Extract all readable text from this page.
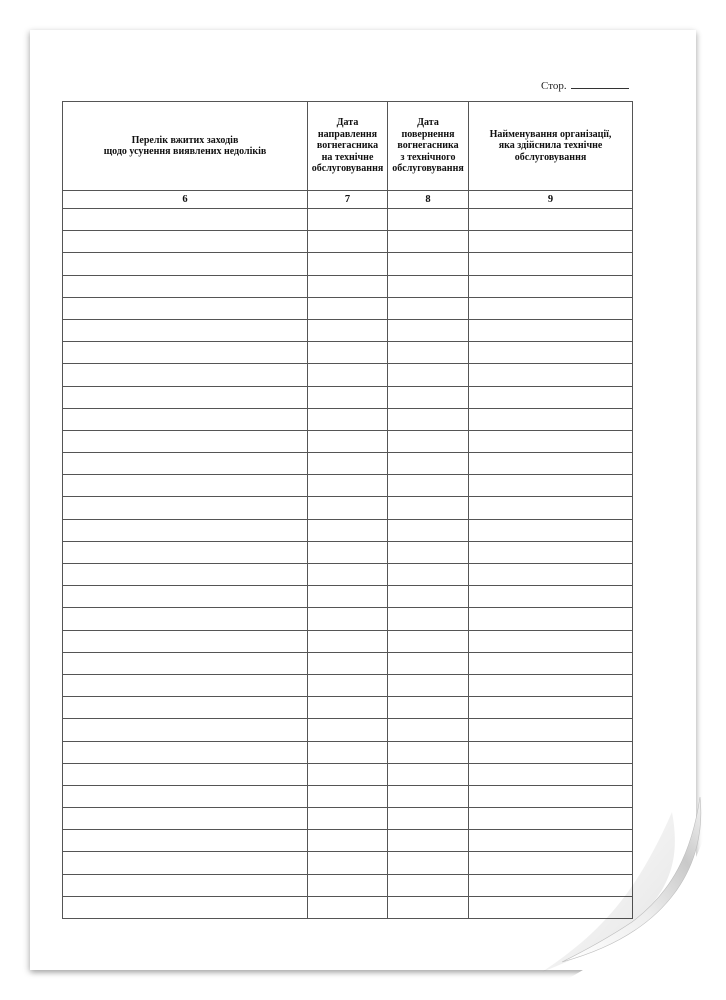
Стор.
Перелік вжитих заходів
щодо усунення виявлених недоліків	Дата
направлення
вогнегасника
на технічне
обслуговування	Дата
повернення
вогнегасника
з технічного
обслуговування	Найменування організації,
яка здійснила технічне
обслуговування

6	7	8	9
